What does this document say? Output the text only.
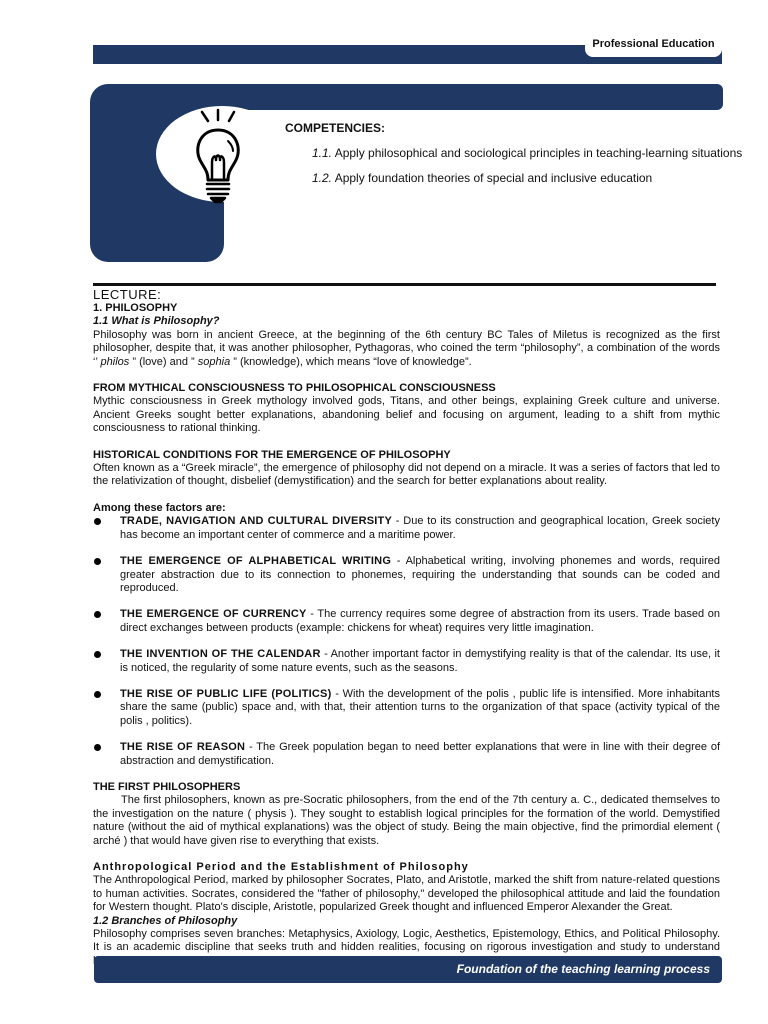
Professional Education
COMPETENCIES:
1.1. Apply philosophical and sociological principles in teaching-learning situations
1.2. Apply foundation theories of special and inclusive education

LECTURE:

1. PHILOSOPHY

1.1 What is Philosophy?

Philosophy was born in ancient Greece, at the beginning of the 6th century BC Tales of Miletus is recognized as the first philosopher, despite that, it was another philosopher, Pythagoras, who coined the term “philosophy”, a combination of the words ‘’ philos ” (love) and ” sophia ” (knowledge), which means “love of knowledge”.

FROM MYTHICAL CONSCIOUSNESS TO PHILOSOPHICAL CONSCIOUSNESS

Mythic consciousness in Greek mythology involved gods, Titans, and other beings, explaining Greek culture and universe. Ancient Greeks sought better explanations, abandoning belief and focusing on argument, leading to a shift from mythic consciousness to rational thinking.

HISTORICAL CONDITIONS FOR THE EMERGENCE OF PHILOSOPHY

Often known as a “Greek miracle”, the emergence of philosophy did not depend on a miracle. It was a series of factors that led to the relativization of thought, disbelief (demystification) and the search for better explanations about reality.

Among these factors are:

TRADE, NAVIGATION AND CULTURAL DIVERSITY - Due to its construction and geographical location, Greek society has become an important center of commerce and a maritime power.

THE EMERGENCE OF ALPHABETICAL WRITING - Alphabetical writing, involving phonemes and words, required greater abstraction due to its connection to phonemes, requiring the understanding that sounds can be coded and reproduced.

THE EMERGENCE OF CURRENCY - The currency requires some degree of abstraction from its users. Trade based on direct exchanges between products (example: chickens for wheat) requires very little imagination.

THE INVENTION OF THE CALENDAR - Another important factor in demystifying reality is that of the calendar. Its use, it is noticed, the regularity of some nature events, such as the seasons.

THE RISE OF PUBLIC LIFE (POLITICS) - With the development of the polis , public life is intensified. More inhabitants share the same (public) space and, with that, their attention turns to the organization of that space (activity typical of the polis , politics).

THE RISE OF REASON - The Greek population began to need better explanations that were in line with their degree of abstraction and demystification.

THE FIRST PHILOSOPHERS

The first philosophers, known as pre-Socratic philosophers, from the end of the 7th century a. C., dedicated themselves to the investigation on the nature ( physis ). They sought to establish logical principles for the formation of the world. Demystified nature (without the aid of mythical explanations) was the object of study. Being the main objective, find the primordial element ( arché ) that would have given rise to everything that exists.

Anthropological Period and the Establishment of Philosophy

The Anthropological Period, marked by philosopher Socrates, Plato, and Aristotle, marked the shift from nature-related questions to human activities. Socrates, considered the "father of philosophy," developed the philosophical attitude and laid the foundation for Western thought. Plato's disciple, Aristotle, popularized Greek thought and influenced Emperor Alexander the Great.

1.2 Branches of Philosophy

Philosophy comprises seven branches: Metaphysics, Axiology, Logic, Aesthetics, Epistemology, Ethics, and Political Philosophy. It is an academic discipline that seeks truth and hidden realities, focusing on rigorous investigation and study to understand

Foundation of the teaching learning process
